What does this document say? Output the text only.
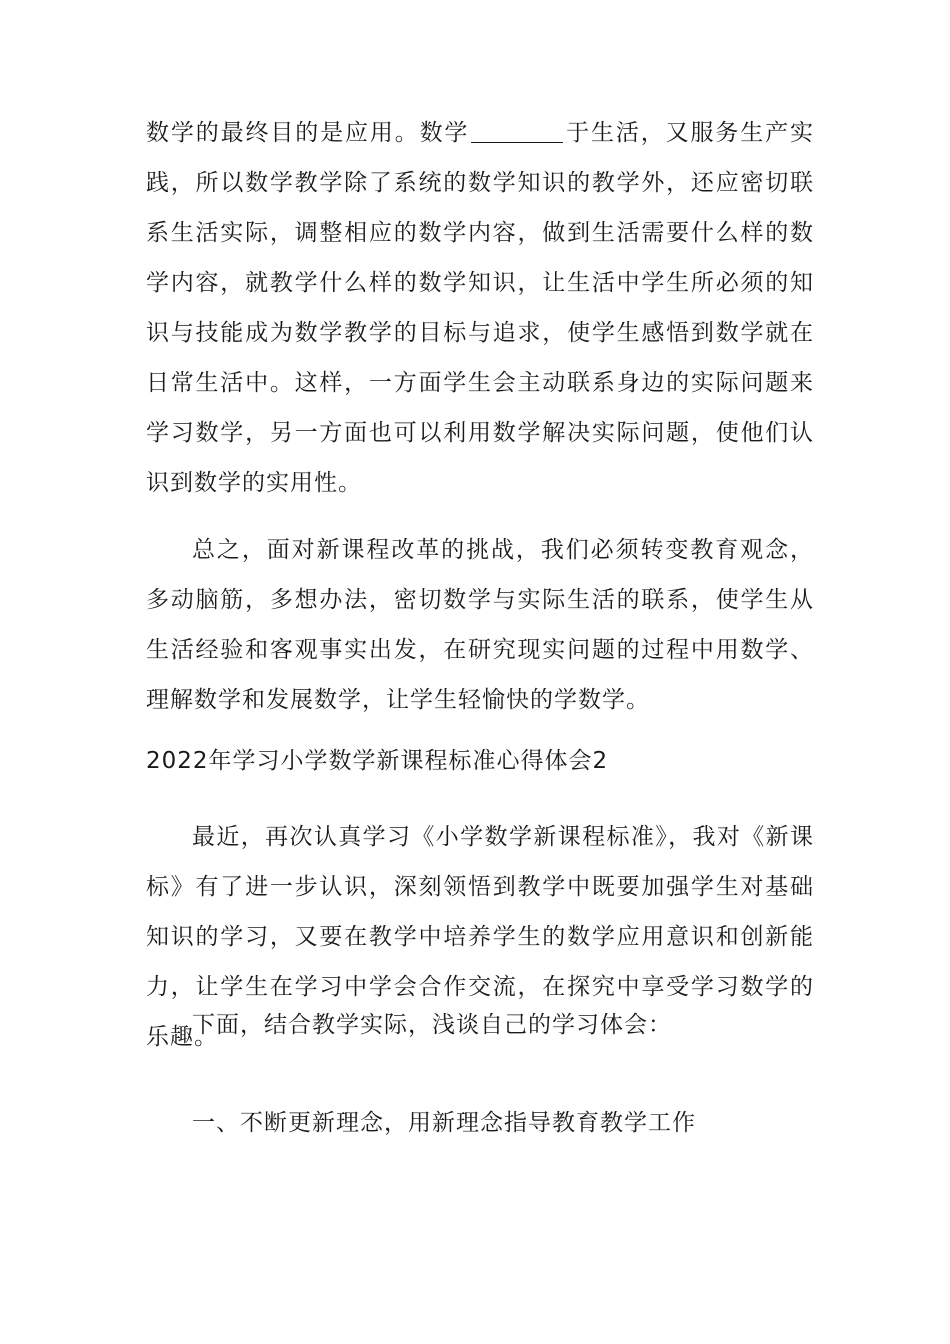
数学的最终目的是应用。数学	于生活，又服务生产实践，所以数学教学除了系统的数学知识的教学外，还应密切联系生活实际，调整相应的数学内容，做到生活需要什么样的数学内容，就教学什么样的数学知识，让生活中学生所必须的知识与技能成为数学教学的目标与追求，使学生感悟到数学就在日常生活中。这样，一方面学生会主动联系身边的实际问题来学习数学，另一方面也可以利用数学解决实际问题，使他们认识到数学的实用性。

总之，面对新课程改革的挑战，我们必须转变教育观念，多动脑筋，多想办法，密切数学与实际生活的联系，使学生从生活经验和客观事实出发，在研究现实问题的过程中用数学、理解数学和发展数学，让学生轻愉快的学数学。

2022年学习小学数学新课程标准心得体会2

最近，再次认真学习《小学数学新课程标准》，我对《新课标》有了进一步认识，深刻领悟到教学中既要加强学生对基础知识的学习，又要在教学中培养学生的数学应用意识和创新能力，让学生在学习中学会合作交流，在探究中享受学习数学的乐趣。

下面，结合教学实际，浅谈自己的学习体会：

一、不断更新理念，用新理念指导教育教学工作
